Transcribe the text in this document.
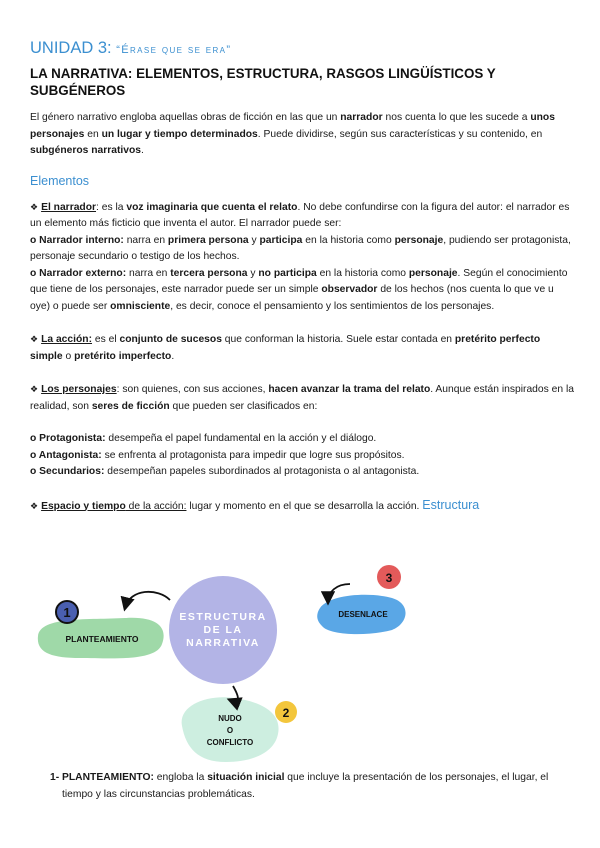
UNIDAD 3: “Érase que se era”
LA NARRATIVA: ELEMENTOS, ESTRUCTURA, RASGOS LINGÜÍSTICOS Y SUBGÉNEROS

El género narrativo engloba aquellas obras de ficción en las que un narrador nos cuenta lo que les sucede a unos personajes en un lugar y tiempo determinados. Puede dividirse, según sus características y su contenido, en subgéneros narrativos.

Elementos

❖ El narrador: es la voz imaginaria que cuenta el relato. No debe confundirse con la figura del autor: el narrador es un elemento más ficticio que inventa el autor. El narrador puede ser:

o Narrador interno: narra en primera persona y participa en la historia como personaje, pudiendo ser protagonista, personaje secundario o testigo de los hechos.

o Narrador externo: narra en tercera persona y no participa en la historia como personaje. Según el conocimiento que tiene de los personajes, este narrador puede ser un simple observador de los hechos (nos cuenta lo que ve u oye) o puede ser omnisciente, es decir, conoce el pensamiento y los sentimientos de los personajes.

❖ La acción: es el conjunto de sucesos que conforman la historia. Suele estar contada en pretérito perfecto simple o pretérito imperfecto.

❖ Los personajes: son quienes, con sus acciones, hacen avanzar la trama del relato. Aunque están inspirados en la realidad, son seres de ficción que pueden ser clasificados en:

o Protagonista: desempeña el papel fundamental en la acción y el diálogo.

o Antagonista: se enfrenta al protagonista para impedir que logre sus propósitos.

o Secundarios: desempeñan papeles subordinados al protagonista o al antagonista.

❖ Espacio y tiempo de la acción: lugar y momento en el que se desarrolla la acción. Estructura

ESTRUCTURA
DE LA
NARRATIVA
PLANTEAMIENTO
1	DESENLACE
3
NUDO
O
CONFLICTO
2

1- PLANTEAMIENTO: engloba la situación inicial que incluye la presentación de los personajes, el lugar, el tiempo y las circunstancias problemáticas.
